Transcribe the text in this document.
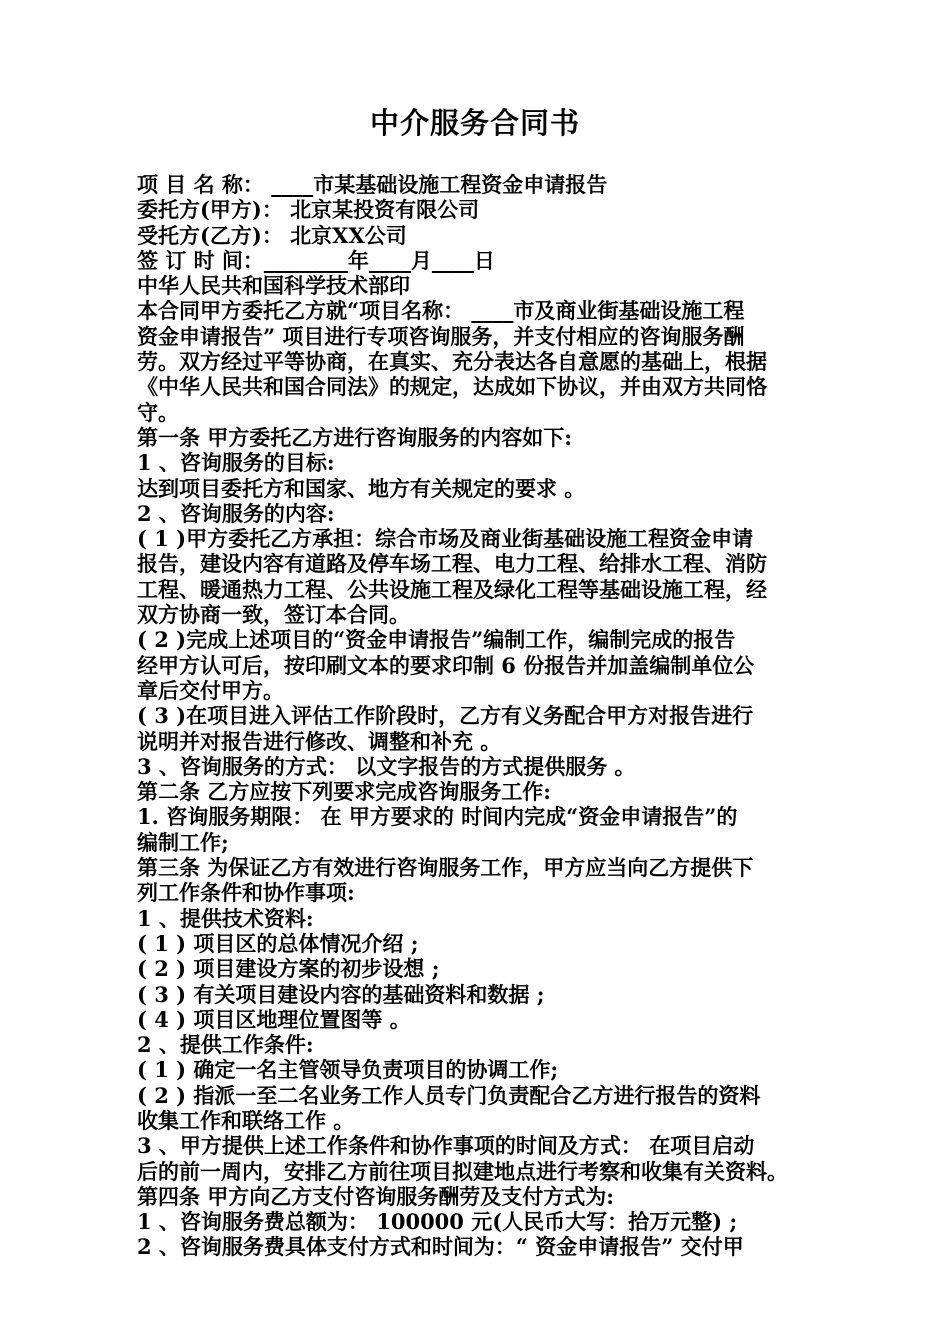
中介服务合同书
项 目 名 称： ____市某基础设施工程资金申请报告
委托方(甲方)： 北京某投资有限公司
受托方(乙方)： 北京XX公司
签 订 时 间：________年____月____日
中华人民共和国科学技术部印
本合同甲方委托乙方就“项目名称： ____市及商业街基础设施工程
资金申请报告” 项目进行专项咨询服务，并支付相应的咨询服务酬
劳。双方经过平等协商，在真实、充分表达各自意愿的基础上，根据
《中华人民共和国合同法》的规定，达成如下协议，并由双方共同恪
守。
第一条 甲方委托乙方进行咨询服务的内容如下:
1 、咨询服务的目标:
达到项目委托方和国家、地方有关规定的要求 。
2 、咨询服务的内容:
( 1 )甲方委托乙方承担：综合市场及商业街基础设施工程资金申请
报告，建设内容有道路及停车场工程、电力工程、给排水工程、消防
工程、暖通热力工程、公共设施工程及绿化工程等基础设施工程，经
双方协商一致，签订本合同。
( 2 )完成上述项目的“资金申请报告”编制工作，编制完成的报告
经甲方认可后，按印刷文本的要求印制 6 份报告并加盖编制单位公
章后交付甲方。
( 3 )在项目进入评估工作阶段时，乙方有义务配合甲方对报告进行
说明并对报告进行修改、调整和补充 。
3 、咨询服务的方式： 以文字报告的方式提供服务 。
第二条 乙方应按下列要求完成咨询服务工作:
1. 咨询服务期限： 在 甲方要求的 时间内完成“资金申请报告”的
编制工作;
第三条 为保证乙方有效进行咨询服务工作，甲方应当向乙方提供下
列工作条件和协作事项:
1 、提供技术资料:
( 1 ) 项目区的总体情况介绍 ;
( 2 ) 项目建设方案的初步设想 ;
( 3 ) 有关项目建设内容的基础资料和数据 ;
( 4 ) 项目区地理位置图等 。
2 、提供工作条件:
( 1 ) 确定一名主管领导负责项目的协调工作;
( 2 ) 指派一至二名业务工作人员专门负责配合乙方进行报告的资料
收集工作和联络工作 。
3 、甲方提供上述工作条件和协作事项的时间及方式： 在项目启动
后的前一周内，安排乙方前往项目拟建地点进行考察和收集有关资料。
第四条 甲方向乙方支付咨询服务酬劳及支付方式为:
1 、咨询服务费总额为： 100000 元(人民币大写：拾万元整) ;
2 、咨询服务费具体支付方式和时间为：“ 资金申请报告” 交付甲
